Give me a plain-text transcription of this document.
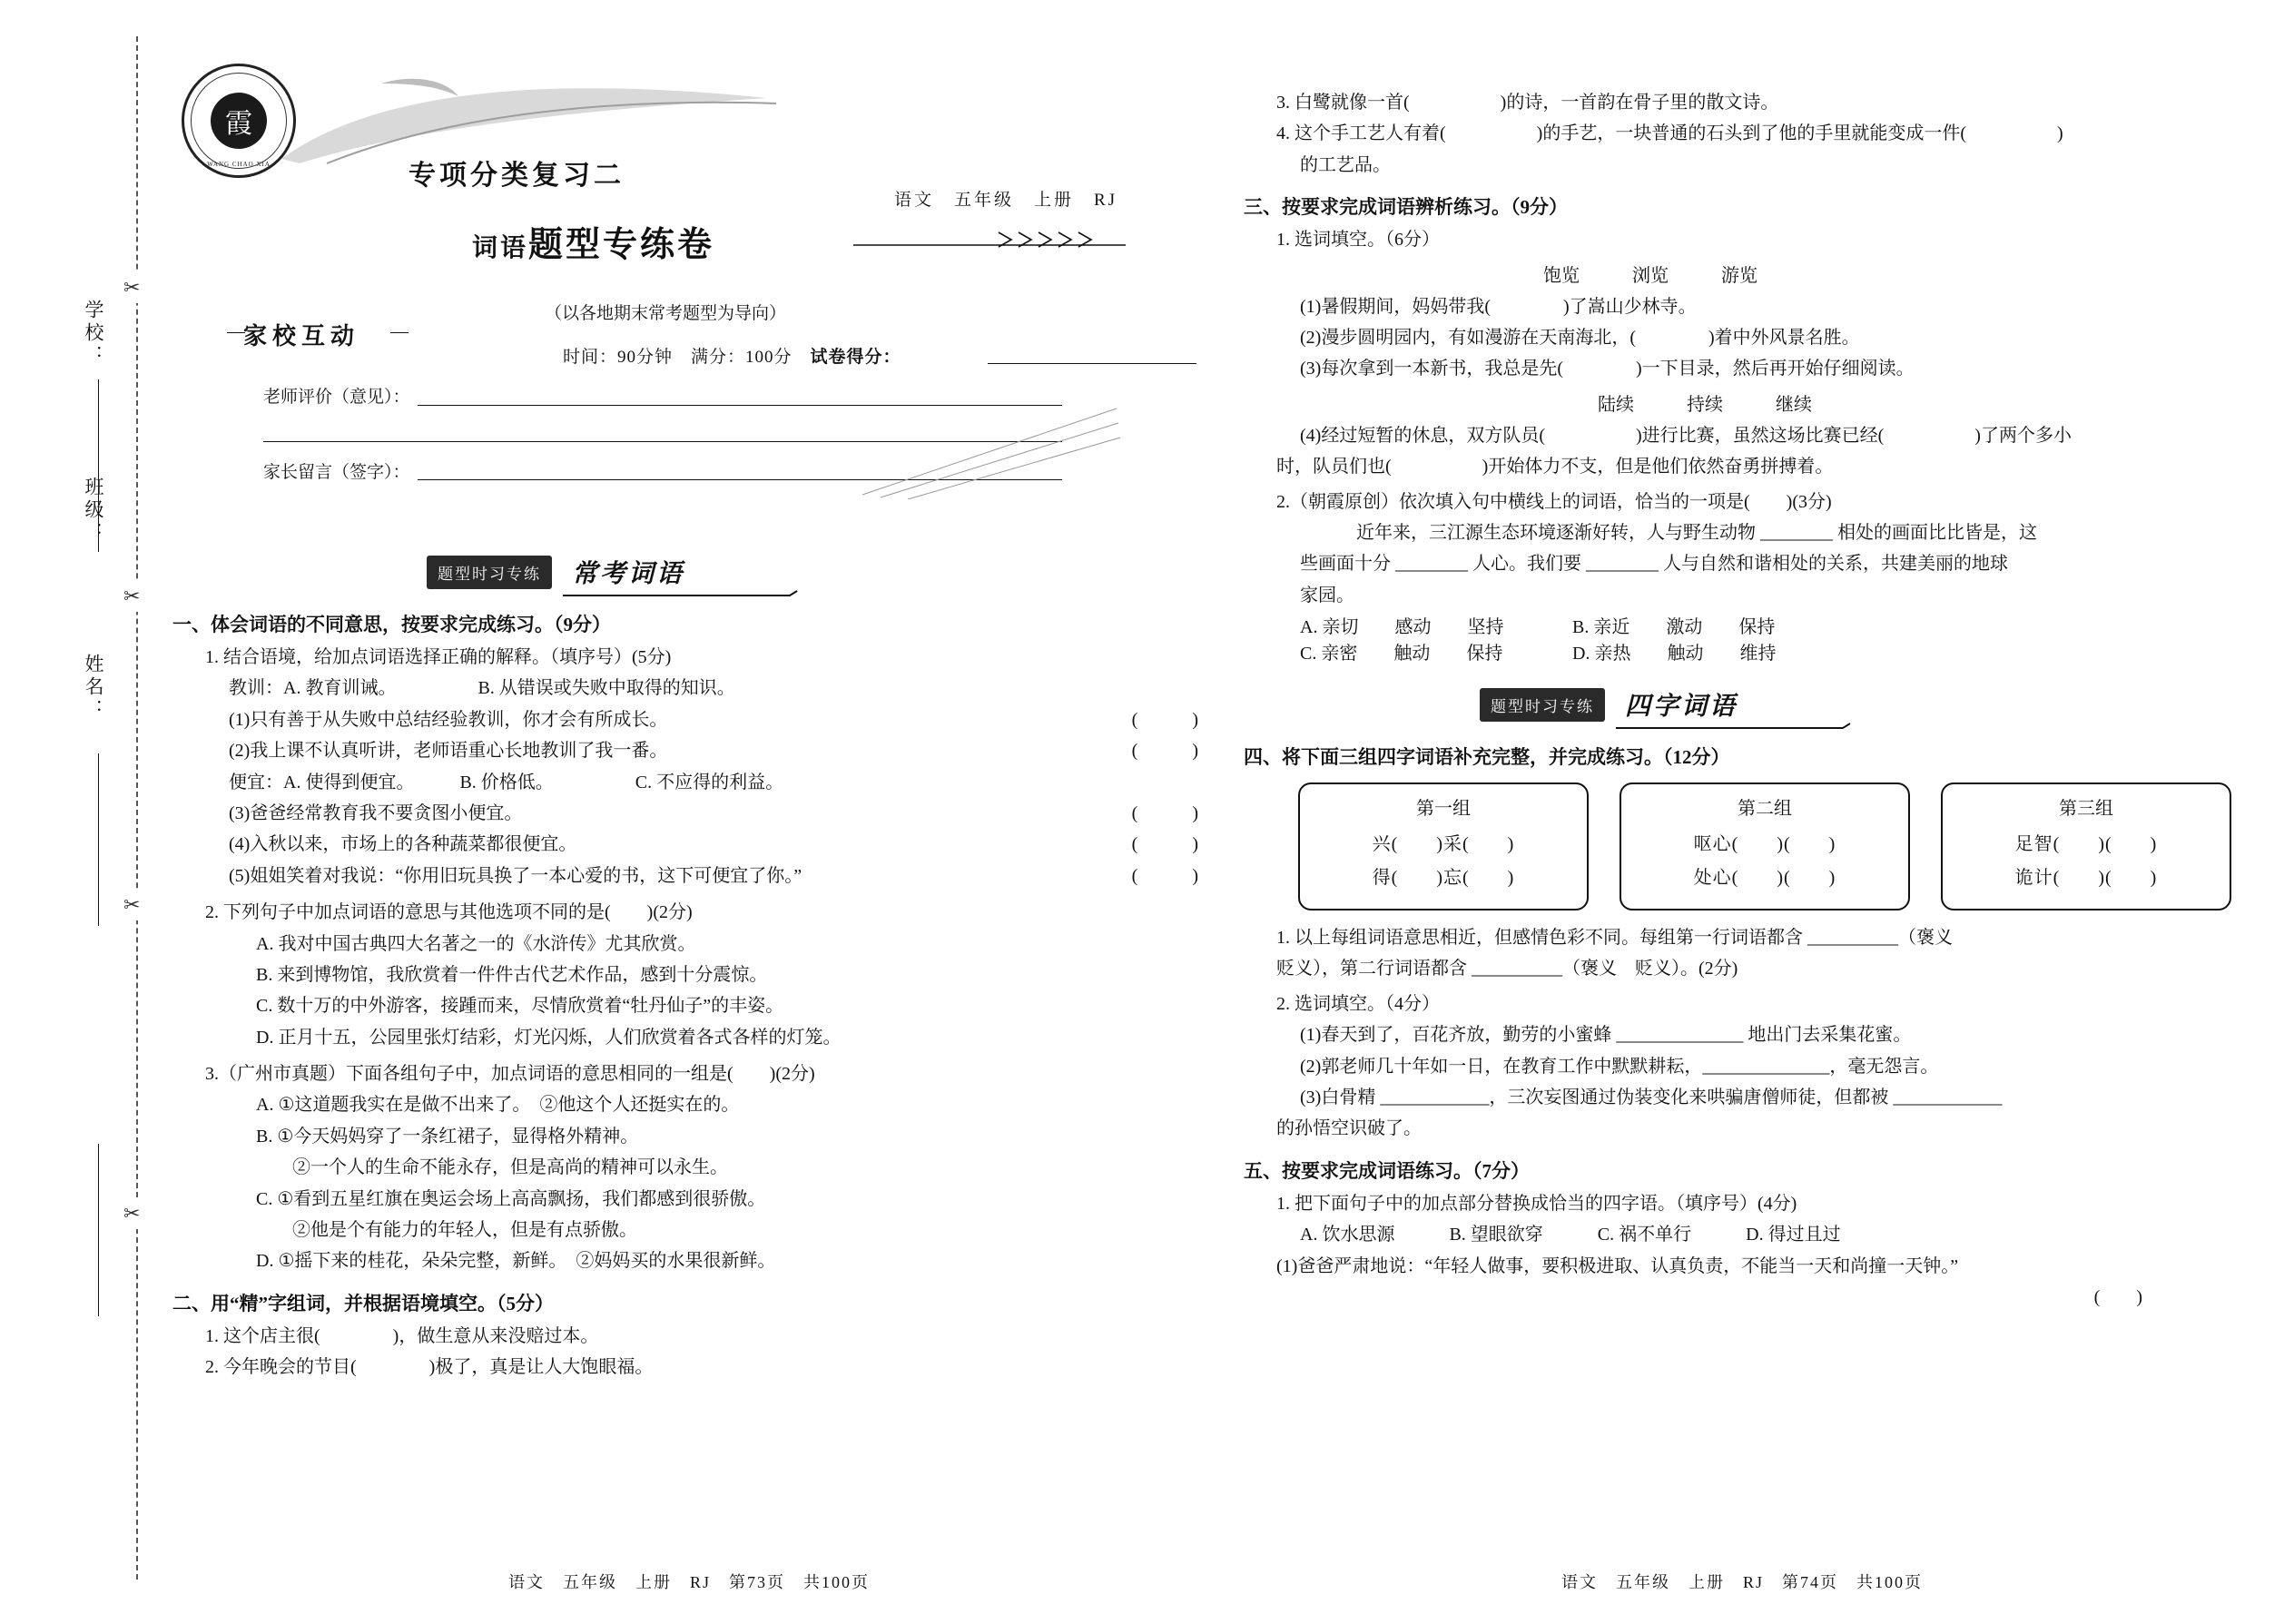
✂
✂
✂
✂
学校：
班级：
姓名：
霞
WANG CHAO XIA	专项分类复习二
词语题型专练卷
语文　五年级　上册　RJ
（以各地期末常考题型为导向）
时间：90分钟　满分：100分　试卷得分：
家校互动
老师评价（意见）：
家长留言（签字）：
题型时习专练	常考词语
一、体会词语的不同意思，按要求完成练习。（9分）
1. 结合语境，给加点词语选择正确的解释。（填序号）(5分)
教训：A. 教育训诫。　　　　　B. 从错误或失败中取得的知识。
(1)只有善于从失败中总结经验教训，你才会有所成长。	(　　　)
(2)我上课不认真听讲，老师语重心长地教训了我一番。	(　　　)
便宜：A. 使得到便宜。　　　B. 价格低。　　　　　C. 不应得的利益。
(3)爸爸经常教育我不要贪图小便宜。	(　　　)
(4)入秋以来，市场上的各种蔬菜都很便宜。	(　　　)
(5)姐姐笑着对我说：“你用旧玩具换了一本心爱的书，这下可便宜了你。”	(　　　)
2. 下列句子中加点词语的意思与其他选项不同的是(　　)(2分)
A. 我对中国古典四大名著之一的《水浒传》尤其欣赏。
B. 来到博物馆，我欣赏着一件件古代艺术作品，感到十分震惊。
C. 数十万的中外游客，接踵而来，尽情欣赏着“牡丹仙子”的丰姿。
D. 正月十五，公园里张灯结彩，灯光闪烁，人们欣赏着各式各样的灯笼。
3.（广州市真题）下面各组句子中，加点词语的意思相同的一组是(　　)(2分)
A. ①这道题我实在是做不出来了。　②他这个人还挺实在的。
B. ①今天妈妈穿了一条红裙子，显得格外精神。
　　②一个人的生命不能永存，但是高尚的精神可以永生。
C. ①看到五星红旗在奥运会场上高高飘扬，我们都感到很骄傲。
　　②他是个有能力的年轻人，但是有点骄傲。
D. ①摇下来的桂花，朵朵完整，新鲜。　②妈妈买的水果很新鲜。
二、用“精”字组词，并根据语境填空。（5分）
1. 这个店主很(　　　　)，做生意从来没赔过本。
2. 今年晚会的节目(　　　　)极了，真是让人大饱眼福。
3. 白鹭就像一首(　　　　　)的诗，一首韵在骨子里的散文诗。
4. 这个手工艺人有着(　　　　　)的手艺，一块普通的石头到了他的手里就能变成一件(　　　　　)
的工艺品。
三、按要求完成词语辨析练习。（9分）
1. 选词填空。（6分）
饱览	浏览	游览
(1)暑假期间，妈妈带我(　　　　)了嵩山少林寺。
(2)漫步圆明园内，有如漫游在天南海北，(　　　　)着中外风景名胜。
(3)每次拿到一本新书，我总是先(　　　　)一下目录，然后再开始仔细阅读。
陆续	持续	继续
(4)经过短暂的休息，双方队员(　　　　　)进行比赛，虽然这场比赛已经(　　　　　)了两个多小
时，队员们也(　　　　　)开始体力不支，但是他们依然奋勇拼搏着。
2.（朝霞原创）依次填入句中横线上的词语，恰当的一项是(　　)(3分)
近年来，三江源生态环境逐渐好转，人与野生动物 ________ 相处的画面比比皆是，这
些画面十分 ________ 人心。我们要 ________ 人与自然和谐相处的关系，共建美丽的地球
家园。
A. 亲切　　感动　　坚持	B. 亲近　　激动　　保持
C. 亲密　　触动　　保持	D. 亲热　　触动　　维持
题型时习专练	四字词语
四、将下面三组四字词语补充完整，并完成练习。（12分）
第一组
兴(　　)采(　　)
得(　　)忘(　　)
第二组
呕心(　　)(　　)
处心(　　)(　　)
第三组
足智(　　)(　　)
诡计(　　)(　　)
1. 以上每组词语意思相近，但感情色彩不同。每组第一行词语都含 __________（褒义
贬义），第二行词语都含 __________（褒义　贬义）。(2分)
2. 选词填空。（4分）
(1)春天到了，百花齐放，勤劳的小蜜蜂 ______________ 地出门去采集花蜜。
(2)郭老师几十年如一日，在教育工作中默默耕耘，______________，毫无怨言。
(3)白骨精 ____________，三次妄图通过伪装变化来哄骗唐僧师徒，但都被 ____________
的孙悟空识破了。
五、按要求完成词语练习。（7分）
1. 把下面句子中的加点部分替换成恰当的四字语。（填序号）(4分)
A. 饮水思源　　　B. 望眼欲穿　　　C. 祸不单行　　　D. 得过且过
(1)爸爸严肃地说：“年轻人做事，要积极进取、认真负责，不能当一天和尚撞一天钟。”
(　　)
语文　五年级　上册　RJ　第73页　共100页	语文　五年级　上册　RJ　第74页　共100页
